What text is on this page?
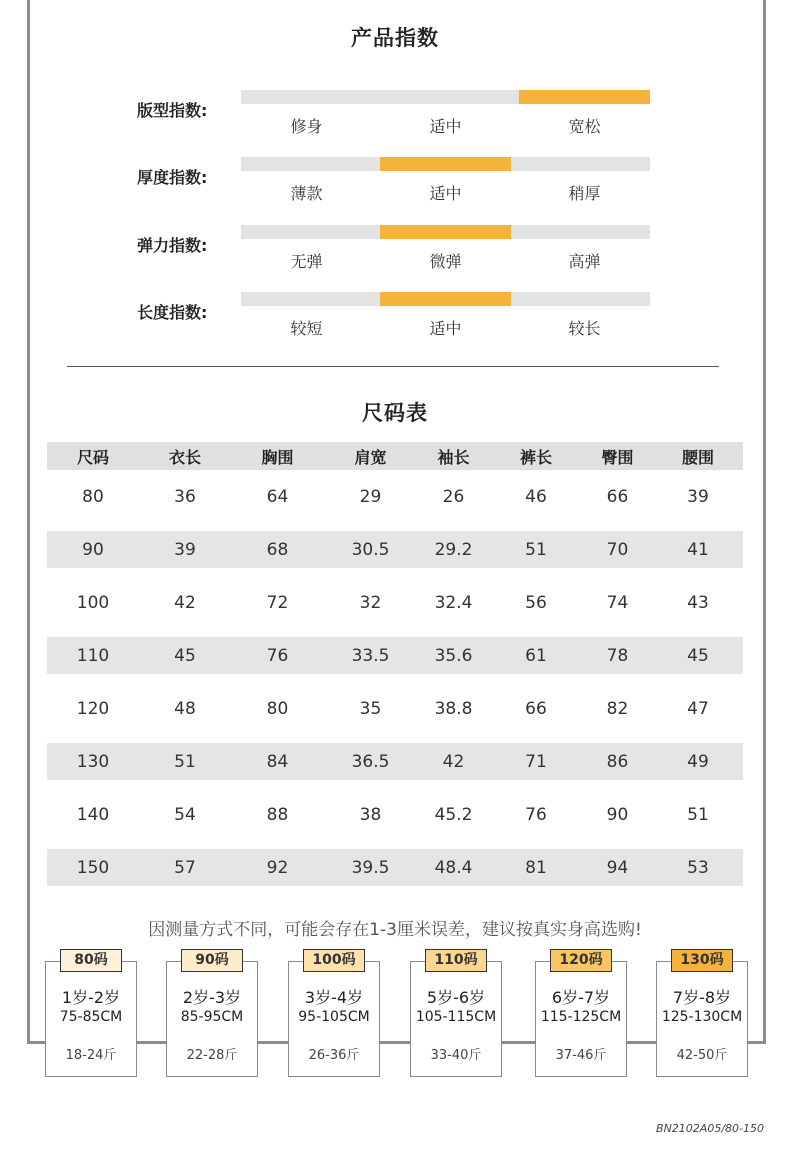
产品指数
版型指数:
修身	适中	宽松
厚度指数:
薄款	适中	稍厚
弹力指数:
无弹	微弹	高弹
长度指数:
较短	适中	较长
尺码表
尺码	衣长	胸围	肩宽	袖长	裤长	臀围	腰围
80	36	64	29	26	46	66	39
90	39	68	30.5	29.2	51	70	41
100	42	72	32	32.4	56	74	43
110	45	76	33.5	35.6	61	78	45
120	48	80	35	38.8	66	82	47
130	51	84	36.5	42	71	86	49
140	54	88	38	45.2	76	90	51
150	57	92	39.5	48.4	81	94	53
因测量方式不同，可能会存在1-3厘米误差，建议按真实身高选购!
80码
1岁-2岁
75-85CM
18-24斤
90码
2岁-3岁
85-95CM
22-28斤
100码
3岁-4岁
95-105CM
26-36斤
110码
5岁-6岁
105-115CM
33-40斤
120码
6岁-7岁
115-125CM
37-46斤
130码
7岁-8岁
125-130CM
42-50斤
BN2102A05/80-150
